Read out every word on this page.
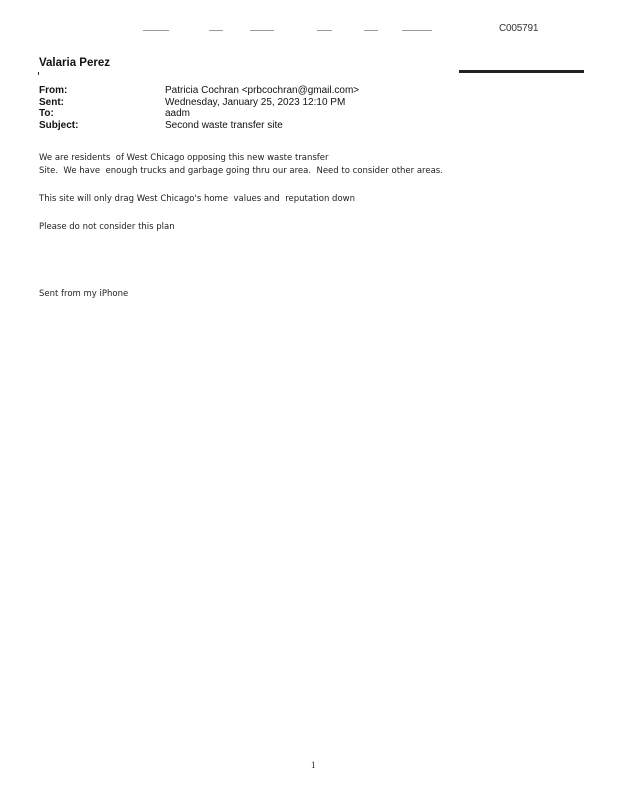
C005791
Valaria Perez
From:	Patricia Cochran <prbcochran@gmail.com>
Sent:	Wednesday, January 25, 2023 12:10 PM
To:	aadm
Subject:	Second waste transfer site

We are residents  of West Chicago opposing this new waste transfer

Site.  We have  enough trucks and garbage going thru our area.  Need to consider other areas.

This site will only drag West Chicago's home  values and  reputation down

Please do not consider this plan

Sent from my iPhone

1
